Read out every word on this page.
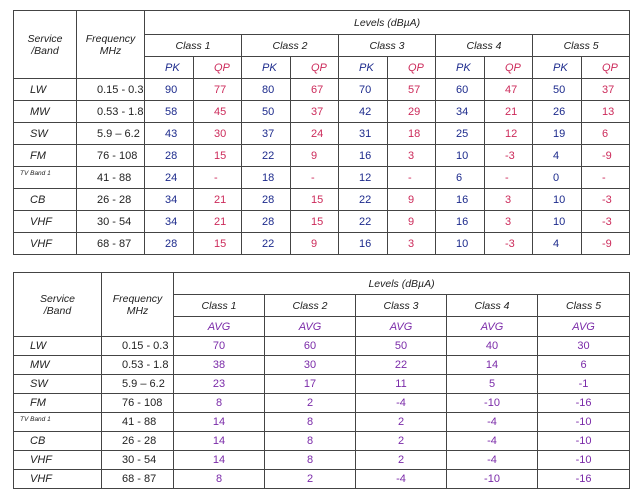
Service
/Band	Frequency
MHz	Levels (dBµA)									
		Class 1		Class 2		Class 3		Class 4		Class 5	
		PK	QP	PK	QP	PK	QP	PK	QP	PK	QP
LW	0.15 - 0.3	90	77	80	67	70	57	60	47	50	37
MW	0.53 - 1.8	58	45	50	37	42	29	34	21	26	13
SW	5.9 – 6.2	43	30	37	24	31	18	25	12	19	6
FM	76 - 108	28	15	22	9	16	3	10	-3	4	-9
TV Band 1	41 - 88	24	-	18	-	12	-	6	-	0	-
CB	26 - 28	34	21	28	15	22	9	16	3	10	-3
VHF	30 - 54	34	21	28	15	22	9	16	3	10	-3
VHF	68 - 87	28	15	22	9	16	3	10	-3	4	-9
Service
/Band	Frequency
MHz	Levels (dBµA)				
		Class 1	Class 2	Class 3	Class 4	Class 5
		AVG	AVG	AVG	AVG	AVG
LW	0.15 - 0.3	70	60	50	40	30
MW	0.53 - 1.8	38	30	22	14	6
SW	5.9 – 6.2	23	17	11	5	-1
FM	76 - 108	8	2	-4	-10	-16
TV Band 1	41 - 88	14	8	2	-4	-10
CB	26 - 28	14	8	2	-4	-10
VHF	30 - 54	14	8	2	-4	-10
VHF	68 - 87	8	2	-4	-10	-16
